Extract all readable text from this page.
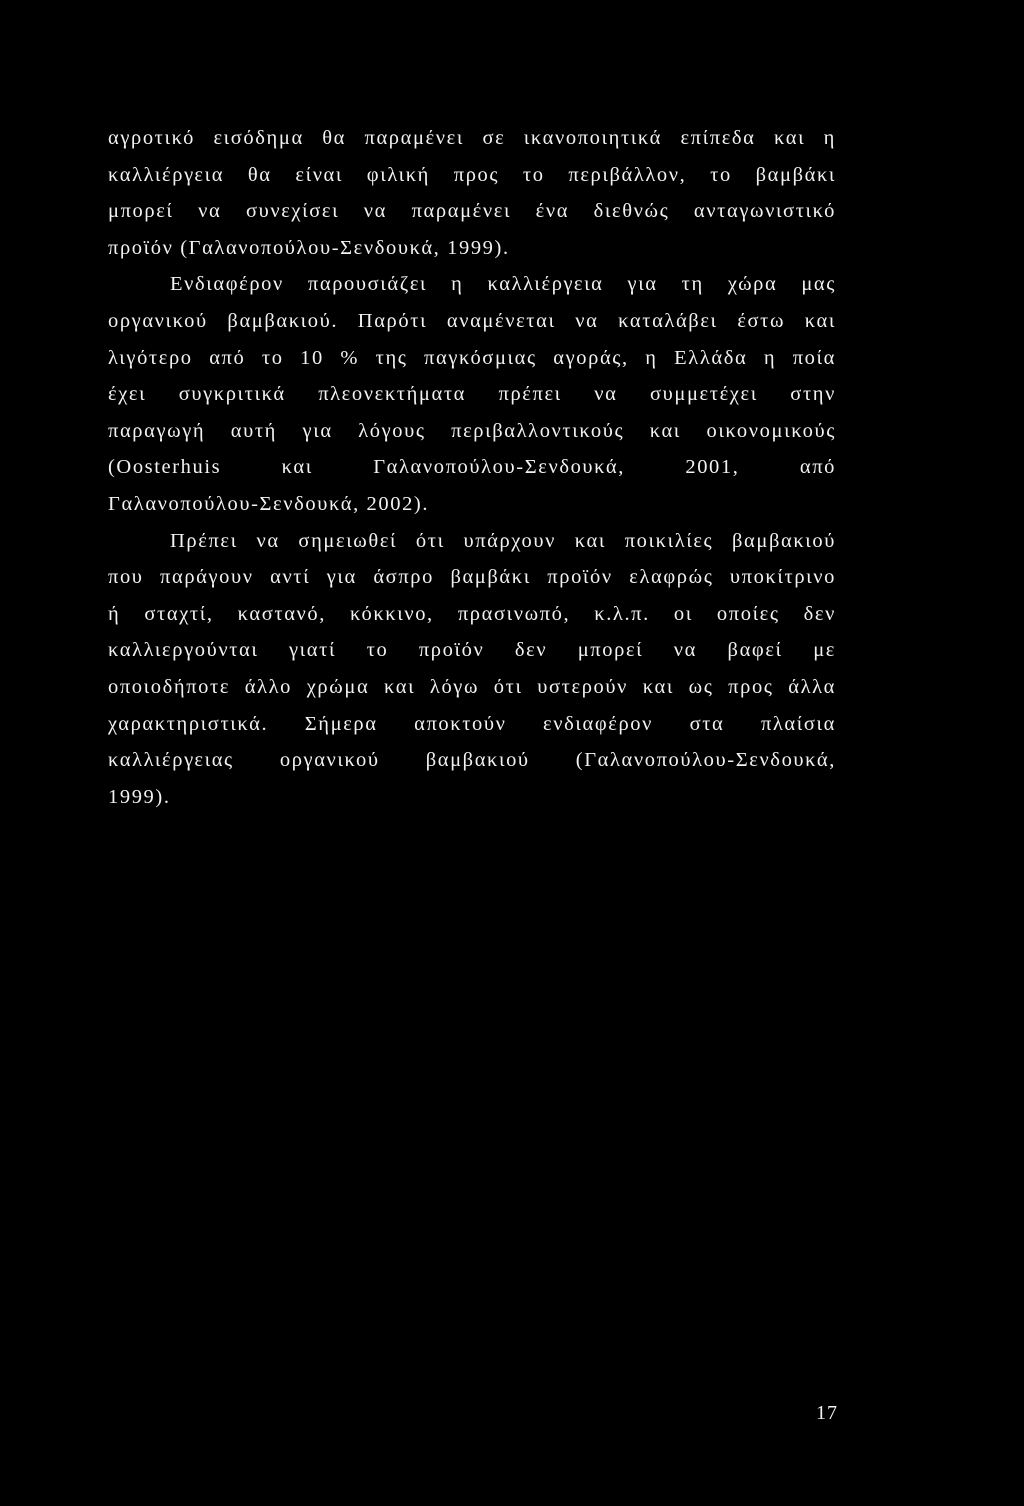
αγροτικό εισόδημα θα παραμένει σε ικανοποιητικά επίπεδα και η
καλλιέργεια θα είναι φιλική προς το περιβάλλον, το βαμβάκι
μπορεί να συνεχίσει να παραμένει ένα διεθνώς ανταγωνιστικό
προϊόν (Γαλανοπούλου-Σενδουκά, 1999).
Ενδιαφέρον παρουσιάζει η καλλιέργεια για τη χώρα μας
οργανικού βαμβακιού. Παρότι αναμένεται να καταλάβει έστω και
λιγότερο από το 10 % της παγκόσμιας αγοράς, η Ελλάδα η ποία
έχει συγκριτικά πλεονεκτήματα πρέπει να συμμετέχει στην
παραγωγή αυτή για λόγους περιβαλλοντικούς και οικονομικούς
(Oosterhuis και Γαλανοπούλου-Σενδουκά, 2001, από
Γαλανοπούλου-Σενδουκά, 2002).
Πρέπει να σημειωθεί ότι υπάρχουν και ποικιλίες βαμβακιού
που παράγουν αντί για άσπρο βαμβάκι προϊόν ελαφρώς υποκίτρινο
ή σταχτί, καστανό, κόκκινο, πρασινωπό, κ.λ.π. οι οποίες δεν
καλλιεργούνται γιατί το προϊόν δεν μπορεί να βαφεί με
οποιοδήποτε άλλο χρώμα και λόγω ότι υστερούν και ως προς άλλα
χαρακτηριστικά. Σήμερα αποκτούν ενδιαφέρον στα πλαίσια
καλλιέργειας οργανικού βαμβακιού (Γαλανοπούλου-Σενδουκά,
1999).
17
